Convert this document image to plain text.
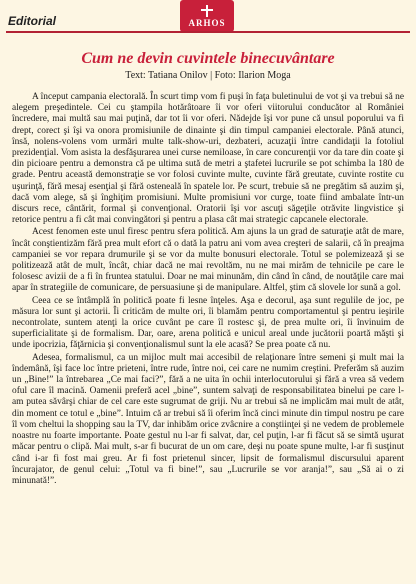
Editorial	ARHOS
Cum ne devin cuvintele binecuvântare
Text: Tatiana Onilov | Foto: Ilarion Moga

A început campania electorală. În scurt timp vom fi puşi în faţa buletinului de vot şi va trebui să ne alegem preşedintele. Cei cu ştampila hotărâtoare îi vor oferi viitorului conducător al României încredere, mai multă sau mai puţină, dar tot îi vor oferi. Nădejde îşi vor pune că unsul poporului va fi drept, corect şi îşi va onora promisiunile de dinainte şi din timpul campaniei electorale. Până atunci, însă, nolens-volens vom urmări multe talk-show-uri, dezbateri, acuzaţii între candidaţii la fotoliul prezidenţial. Vom asista la desfăşurarea unei curse nemiloase, în care concurenţii vor da tare din coate şi din picioare pentru a demonstra că pe ultima sută de metri a ştafetei lucrurile se pot schimba la 180 de grade. Pentru această demonstraţie se vor folosi cuvinte multe, cuvinte fără greutate, cuvinte rostite cu uşurinţă, fără mesaj esenţial şi fără osteneală în spatele lor. Pe scurt, trebuie să ne pregătim să auzim şi, dacă vom alege, să şi înghiţim promisiuni. Multe promisiuni vor curge, toate fiind ambalate într-un discurs rece, cântărit, formal şi convenţional. Oratorii îşi vor ascuţi săgeţile otrăvite lingvistice şi retorice pentru a fi cât mai convingători şi pentru a plasa cât mai strategic capcanele electorale.

Acest fenomen este unul firesc pentru sfera politică. Am ajuns la un grad de saturaţie atât de mare, încât conştientizăm fără prea mult efort că o dată la patru ani vom avea creşteri de salarii, că în preajma campaniei se vor repara drumurile şi se vor da multe bonusuri electorale. Totul se polemizează şi se politizează atât de mult, încât, chiar dacă ne mai revoltăm, nu ne mai mirăm de tehnicile pe care le folosesc avizii de a fi în fruntea statului. Doar ne mai minunăm, din când în când, de noutăţile care mai apar în strategiile de comunicare, de persuasiune şi de manipulare. Altfel, ştim că slovele lor sună a gol.

Ceea ce se întâmplă în politică poate fi lesne înţeles. Aşa e decorul, aşa sunt regulile de joc, pe măsura lor sunt şi actorii. Îi criticăm de multe ori, îi blamăm pentru comportamentul şi pentru ieşirile necontrolate, suntem atenţi la orice cuvânt pe care îl rostesc şi, de prea multe ori, îi învinuim de superficialitate şi de formalism. Dar, oare, arena politică e unicul areal unde jucătorii poartă măşti şi unde ipocrizia, făţărnicia şi convenţionalismul sunt la ele acasă? Se prea poate că nu.

Adesea, formalismul, ca un mijloc mult mai accesibil de relaţionare între semeni şi mult mai la îndemână, îşi face loc între prieteni, între rude, între noi, cei care ne numim creştini. Preferăm să auzim un „Bine!” la întrebarea „Ce mai faci?”, fără a ne uita în ochii interlocutorului şi fără a vrea să vedem oful care îl macină. Oamenii preferă acel „bine”, suntem salvaţi de responsabilitatea binelui pe care l-am putea săvârşi chiar de cel care este sugrumat de griji. Nu ar trebui să ne implicăm mai mult de atât, din moment ce totul e „bine”. Intuim că ar trebui să îi oferim încă cinci minute din timpul nostru pe care îl vom cheltui la shopping sau la TV, dar inhibăm orice zvâcnire a conştiinţei şi ne vedem de problemele noastre nu foarte importante. Poate gestul nu l-ar fi salvat, dar, cel puţin, l-ar fi făcut să se simtă uşurat măcar pentru o clipă. Mai mult, s-ar fi bucurat de un om care, deşi nu poate spune multe, l-ar fi susţinut când i-ar fi fost mai greu. Ar fi fost prietenul sincer, lipsit de formalismul discursului aparent încurajator, de genul celui: „Totul va fi bine!”, sau „Lucrurile se vor aranja!”, sau „Să ai o zi minunată!”.
